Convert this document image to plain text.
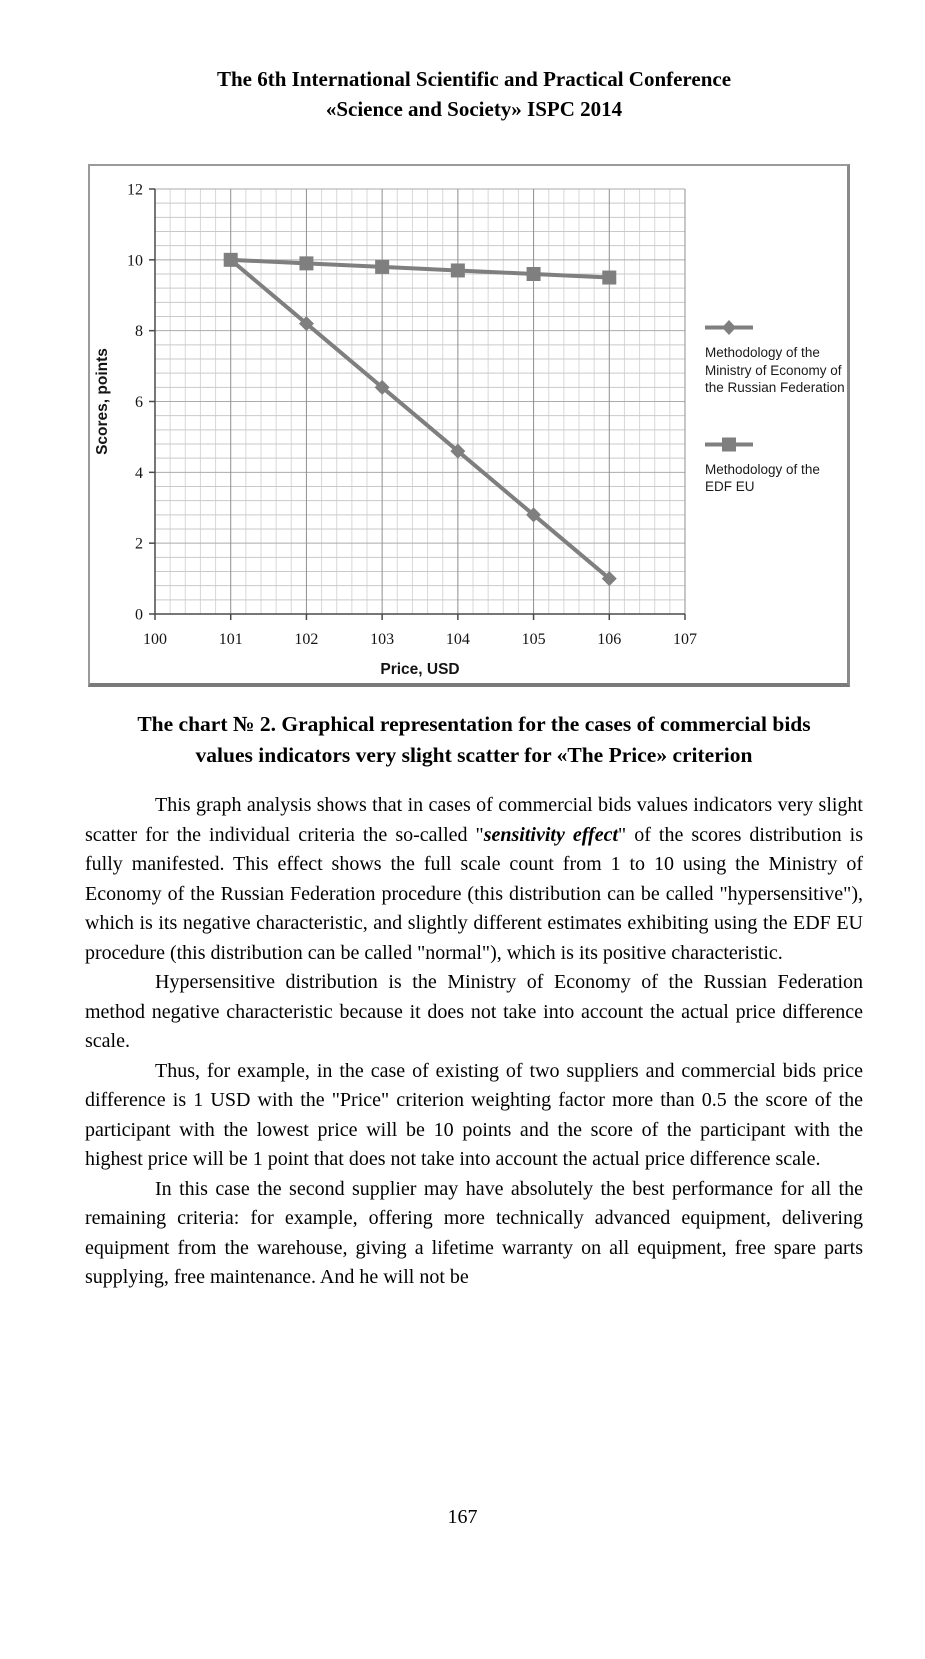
The 6th International Scientific and Practical Conference
«Science and Society» ISPC 2014
100	101	102	103	104	105	106	107
0
2
4
6
8
10
12
Price, USD
Scores, points	Methodology of the Ministry of Economy of the Russian Federation
Methodology of the EDF EU
The chart № 2. Graphical representation for the cases of commercial bids values indicators very slight scatter for «The Price» criterion

This graph analysis shows that in cases of commercial bids values indicators very slight scatter for the individual criteria the so-called "sensitivity effect" of the scores distribution is fully manifested. This effect shows the full scale count from 1 to 10 using the Ministry of Economy of the Russian Federation procedure (this distribution can be called "hypersensitive"), which is its negative characteristic, and slightly different estimates exhibiting using the EDF EU procedure (this distribution can be called "normal"), which is its positive characteristic.

Hypersensitive distribution is the Ministry of Economy of the Russian Federation method negative characteristic because it does not take into account the actual price difference scale.

Thus, for example, in the case of existing of two suppliers and commercial bids price difference is 1 USD with the "Price" criterion weighting factor more than 0.5 the score of the participant with the lowest price will be 10 points and the score of the participant with the highest price will be 1 point that does not take into account the actual price difference scale.

In this case the second supplier may have absolutely the best performance for all the remaining criteria: for example, offering more technically advanced equipment, delivering equipment from the warehouse, giving a lifetime warranty on all equipment, free spare parts supplying, free maintenance. And he will not be

167
